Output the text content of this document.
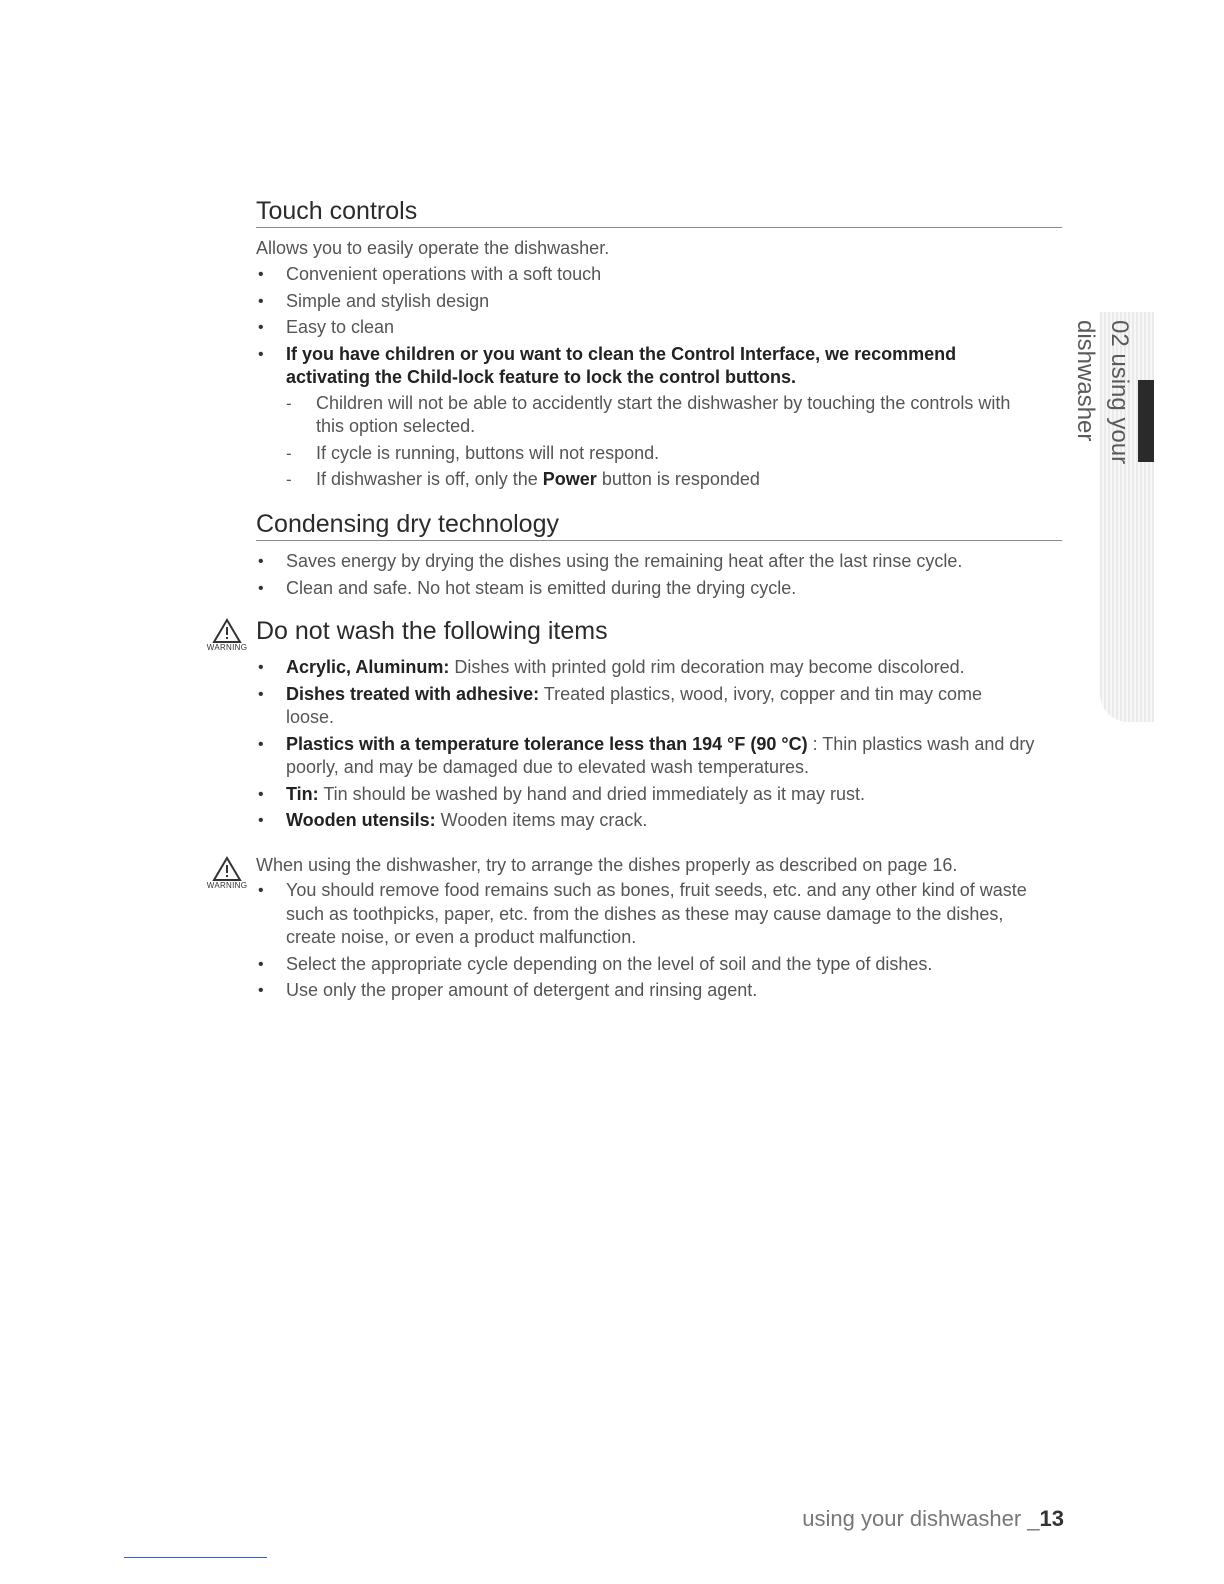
Touch controls
Allows you to easily operate the dishwasher.
• Convenient operations with a soft touch
• Simple and stylish design
• Easy to clean
• If you have children or you want to clean the Control Interface, we recommend activating the Child-lock feature to lock the control buttons.
- Children will not be able to accidently start the dishwasher by touching the controls with this option selected.
- If cycle is running, buttons will not respond.
- If dishwasher is off, only the Power button is responded
Condensing dry technology
• Saves energy by drying the dishes using the remaining heat after the last rinse cycle.
• Clean and safe. No hot steam is emitted during the drying cycle.
WARNING
Do not wash the following items
• Acrylic, Aluminum: Dishes with printed gold rim decoration may become discolored.
• Dishes treated with adhesive: Treated plastics, wood, ivory, copper and tin may come loose.
• Plastics with a temperature tolerance less than 194 °F (90 °C) : Thin plastics wash and dry poorly, and may be damaged due to elevated wash temperatures.
• Tin: Tin should be washed by hand and dried immediately as it may rust.
• Wooden utensils: Wooden items may crack.
WARNING
When using the dishwasher, try to arrange the dishes properly as described on page 16.
• You should remove food remains such as bones, fruit seeds, etc. and any other kind of waste such as toothpicks, paper, etc. from the dishes as these may cause damage to the dishes, create noise, or even a product malfunction.
• Select the appropriate cycle depending on the level of soil and the type of dishes.
• Use only the proper amount of detergent and rinsing agent.
02 using your dishwasher
using your dishwasher _13
